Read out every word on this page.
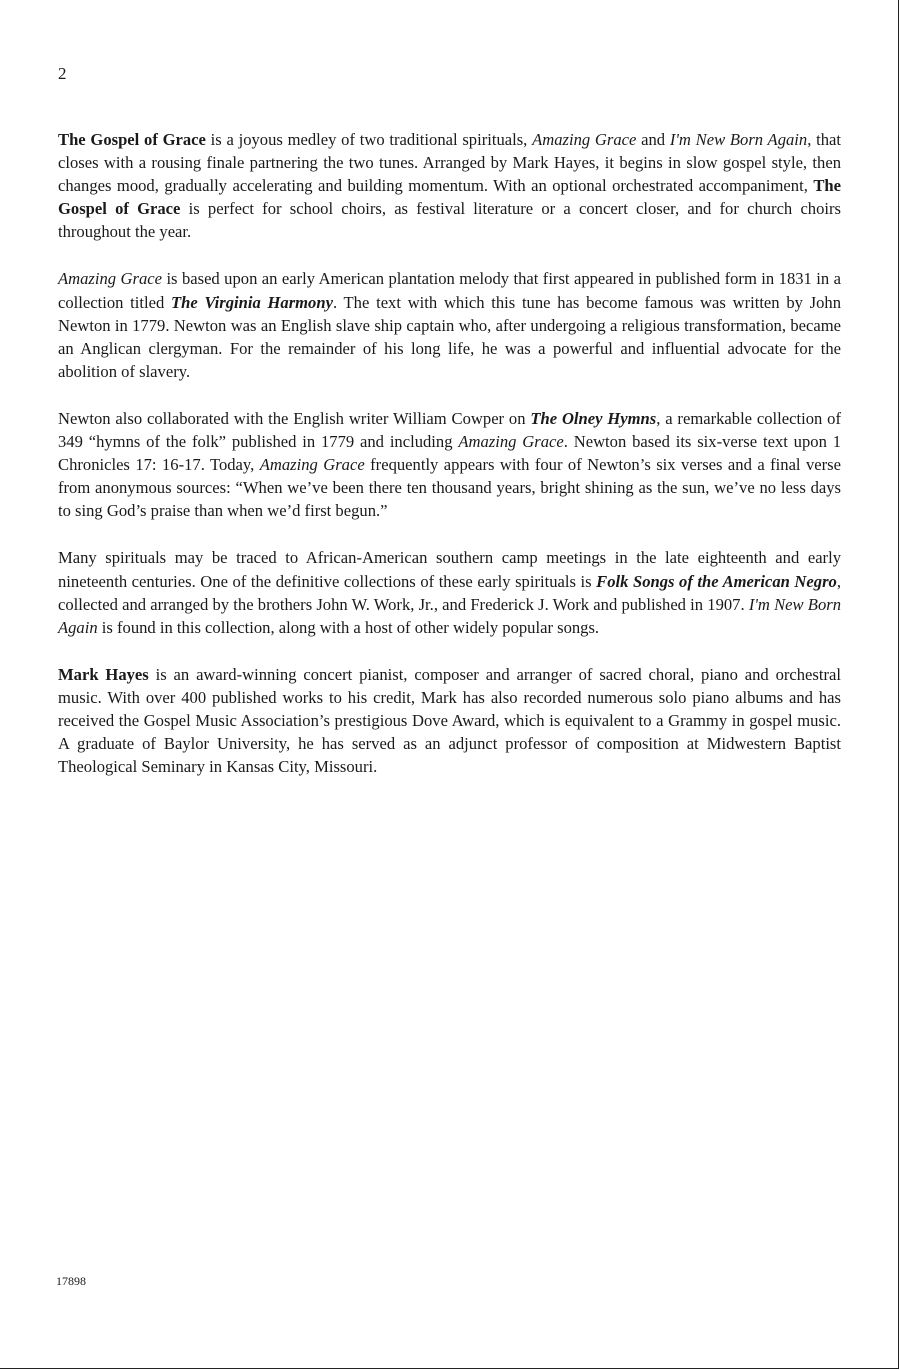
2

The Gospel of Grace is a joyous medley of two traditional spirituals, Amazing Grace and I'm New Born Again, that closes with a rousing finale partnering the two tunes. Arranged by Mark Hayes, it begins in slow gospel style, then changes mood, gradually accelerating and building momentum. With an optional orchestrated accompaniment, The Gospel of Grace is perfect for school choirs, as festival literature or a concert closer, and for church choirs throughout the year.

Amazing Grace is based upon an early American plantation melody that first appeared in published form in 1831 in a collection titled The Virginia Harmony. The text with which this tune has become famous was written by John Newton in 1779. Newton was an English slave ship captain who, after undergoing a religious transformation, became an Anglican clergyman. For the remainder of his long life, he was a powerful and influential advocate for the abolition of slavery.

Newton also collaborated with the English writer William Cowper on The Olney Hymns, a remarkable collection of 349 “hymns of the folk” published in 1779 and including Amazing Grace. Newton based its six-verse text upon 1 Chronicles 17: 16-17. Today, Amazing Grace frequently appears with four of Newton’s six verses and a final verse from anonymous sources: “When we’ve been there ten thousand years, bright shining as the sun, we’ve no less days to sing God’s praise than when we’d first begun.”

Many spirituals may be traced to African-American southern camp meetings in the late eighteenth and early nineteenth centuries. One of the definitive collections of these early spirituals is Folk Songs of the American Negro, collected and arranged by the brothers John W. Work, Jr., and Frederick J. Work and published in 1907. I'm New Born Again is found in this collection, along with a host of other widely popular songs.

Mark Hayes is an award-winning concert pianist, composer and arranger of sacred choral, piano and orchestral music. With over 400 published works to his credit, Mark has also recorded numerous solo piano albums and has received the Gospel Music Association’s prestigious Dove Award, which is equivalent to a Grammy in gospel music. A graduate of Baylor University, he has served as an adjunct professor of composition at Midwestern Baptist Theological Seminary in Kansas City, Missouri.

17898
